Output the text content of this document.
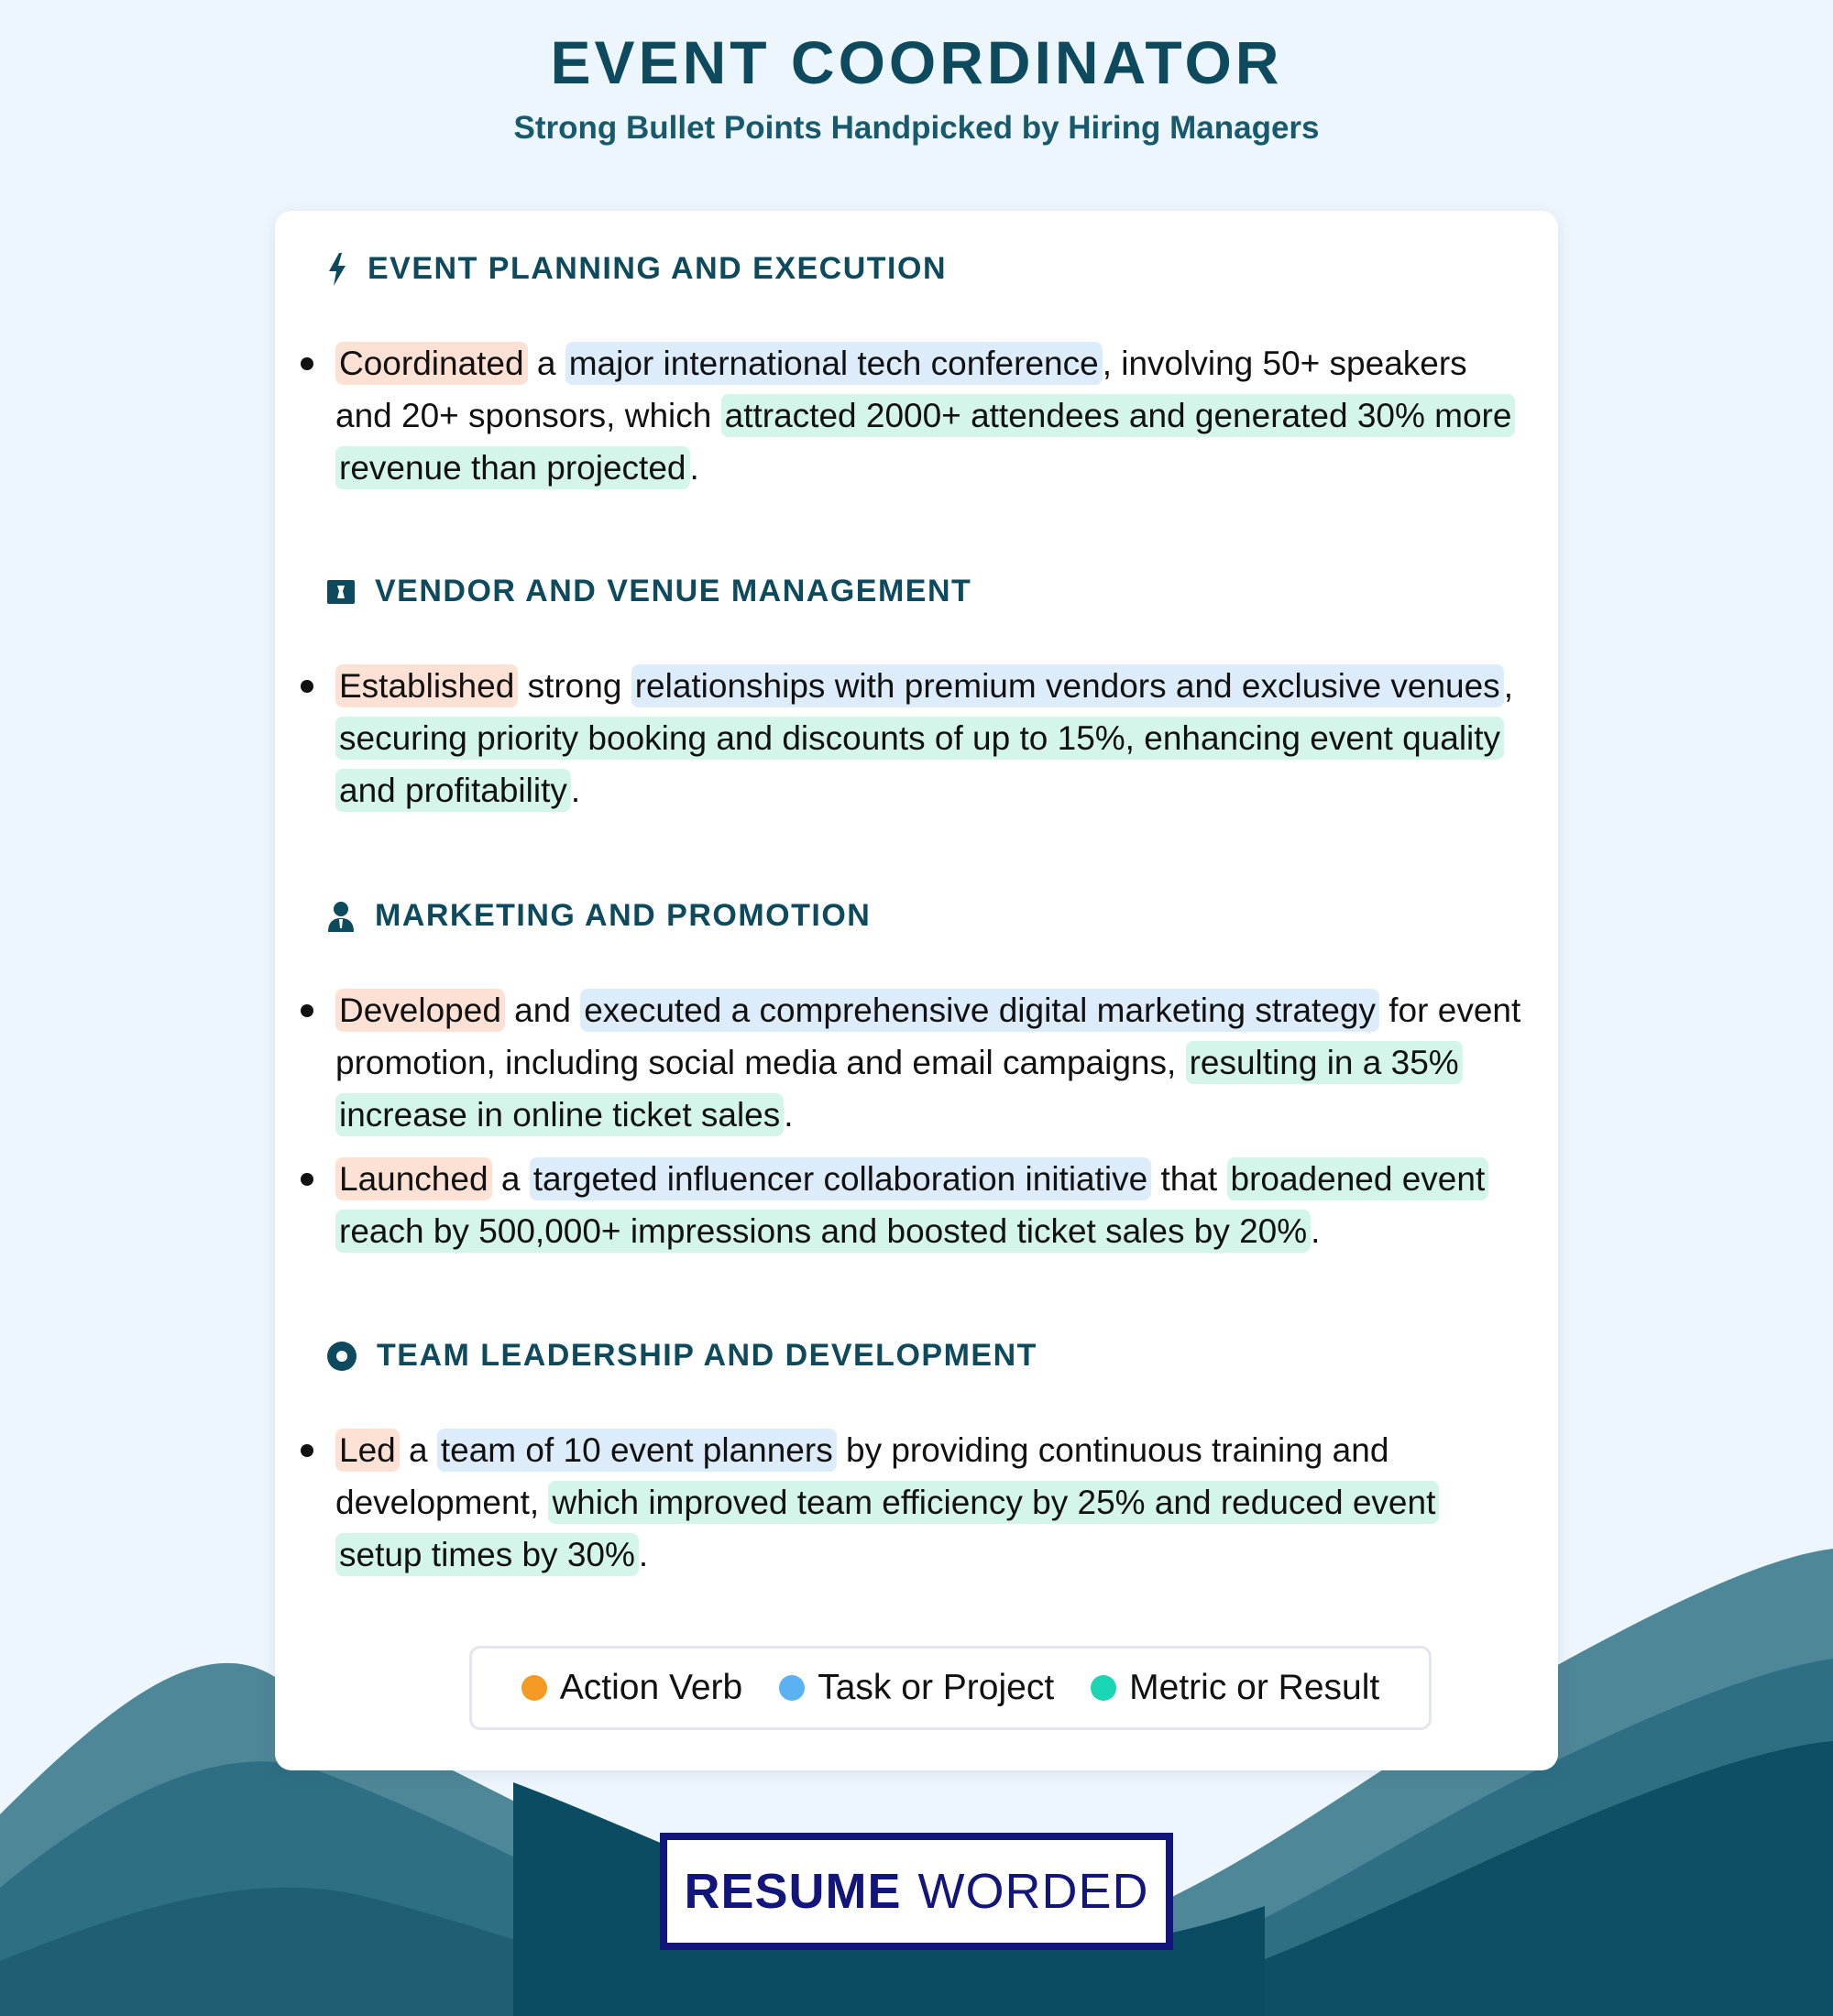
EVENT COORDINATOR
Strong Bullet Points Handpicked by Hiring Managers
EVENT PLANNING AND EXECUTION
Coordinated a major international tech conference , involving 50+ speakers and 20+ sponsors, which attracted 2000+ attendees and generated 30% more revenue than projected .
VENDOR AND VENUE MANAGEMENT
Established strong relationships with premium vendors and exclusive venues , securing priority booking and discounts of up to 15%, enhancing event quality and profitability .
MARKETING AND PROMOTION
Developed and executed a comprehensive digital marketing strategy for event promotion, including social media and email campaigns, resulting in a 35% increase in online ticket sales .
Launched a targeted influencer collaboration initiative that broadened event reach by 500,000+ impressions and boosted ticket sales by 20% .
TEAM LEADERSHIP AND DEVELOPMENT
Led a team of 10 event planners by providing continuous training and development, which improved team efficiency by 25% and reduced event setup times by 30% .
Action Verb Task or Project Metric or Result
RESUME WORDED
